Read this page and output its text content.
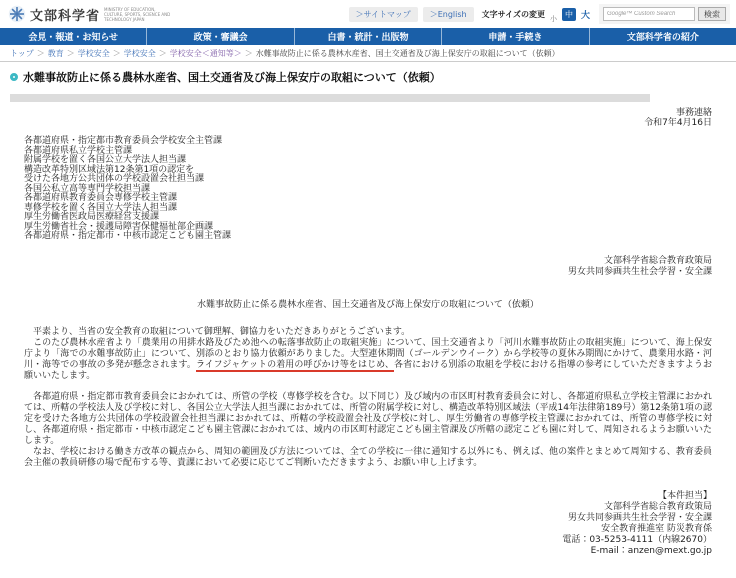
文部科学省 MINISTRY OF EDUCATION, CULTURE, SPORTS, SCIENCE AND TECHNOLOGY JAPAN
＞サイトマップ	＞English	文字サイズの変更
小
中 大
Google™ Custom Search	検索
会見・報道・お知らせ	政策・審議会	白書・統計・出版物	申請・手続き	文部科学省の紹介
トップ ＞ 教育 ＞ 学校安全 ＞ 学校安全 ＞ 学校安全＜通知等＞ ＞ 水難事故防止に係る農林水産省、国土交通省及び海上保安庁の取組について（依頼）
水難事故防止に係る農林水産省、国土交通省及び海上保安庁の取組について（依頼）
事務連絡
令和7年4月16日
各都道府県・指定都市教育委員会学校安全主管課
各都道府県私立学校主管課
附属学校を置く各国公立大学法人担当課
構造改革特別区域法第12条第1項の認定を
受けた各地方公共団体の学校設置会社担当課
各国公私立高等専門学校担当課
各都道府県教育委員会専修学校主管課
専修学校を置く各国立大学法人担当課
厚生労働省医政局医療経営支援課
厚生労働省社会・援護局障害保健福祉部企画課
各都道府県・指定都市・中核市認定こども園主管課
文部科学省総合教育政策局
男女共同参画共生社会学習・安全課
水難事故防止に係る農林水産省、国土交通省及び海上保安庁の取組について（依頼）

　平素より、当省の安全教育の取組について御理解、御協力をいただきありがとうございます。

　このたび農林水産省より「農業用の用排水路及びため池への転落事故防止の取組実施」について、国土交通省より「河川水難事故防止の取組実施」について、海上保安庁より「海での水難事故防止」について、別添のとおり協力依頼がありました。大型連休期間（ゴールデンウイーク）から学校等の夏休み期間にかけて、農業用水路・河川・海等での事故の多発が懸念されます。ライフジャケットの着用の呼びかけ等をはじめ、各省における別添の取組を学校における指導の参考にしていただきますようお願いいたします。

　各都道府県・指定都市教育委員会におかれては、所管の学校（専修学校を含む。以下同じ）及び域内の市区町村教育委員会に対し、各都道府県私立学校主管課におかれては、所轄の学校法人及び学校に対し、各国公立大学法人担当課におかれては、所管の附属学校に対し、構造改革特別区域法（平成14年法律第189号）第12条第1項の認定を受けた各地方公共団体の学校設置会社担当課におかれては、所轄の学校設置会社及び学校に対し、厚生労働省の専修学校主管課におかれては、所管の専修学校に対し、各都道府県・指定都市・中核市認定こども園主管課におかれては、域内の市区町村認定こども園主管課及び所轄の認定こども園に対して、周知されるようお願いいたします。

　なお、学校における働き方改革の観点から、周知の範囲及び方法については、全ての学校に一律に通知する以外にも、例えば、他の案件とまとめて周知する、教育委員会主催の教員研修の場で配布する等、貴課において必要に応じてご判断いただきますよう、お願い申し上げます。

【本件担当】
文部科学省総合教育政策局
男女共同参画共生社会学習・安全課
安全教育推進室 防災教育係
電話：03-5253-4111（内線2670）
E-mail：anzen@mext.go.jp
